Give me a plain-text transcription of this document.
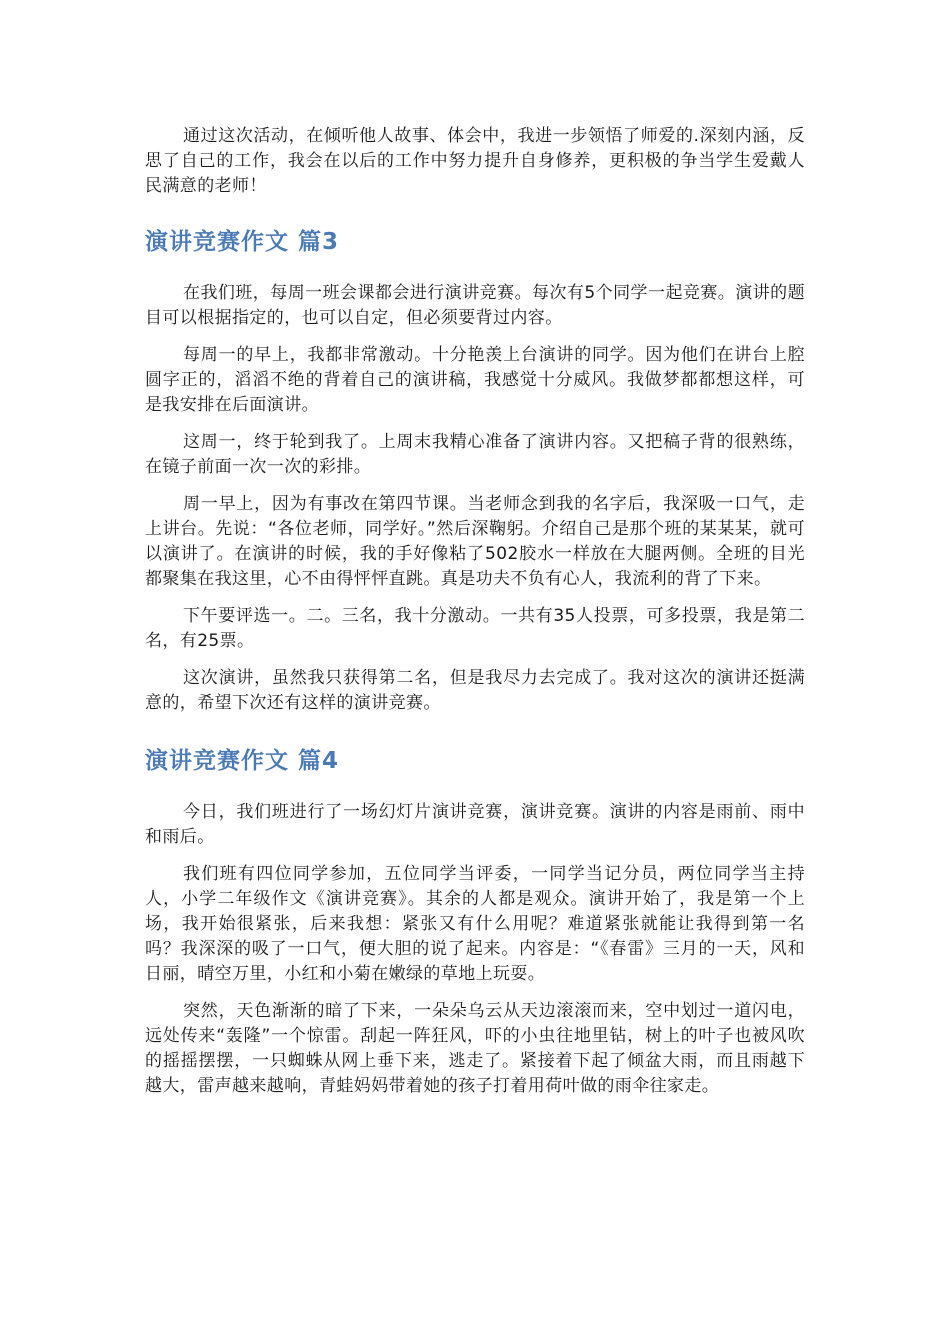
通过这次活动，在倾听他人故事、体会中，我进一步领悟了师爱的.深刻内涵，反思了自己的工作，我会在以后的工作中努力提升自身修养，更积极的争当学生爱戴人民满意的老师！

演讲竞赛作文 篇3

在我们班，每周一班会课都会进行演讲竞赛。每次有5个同学一起竞赛。演讲的题目可以根据指定的，也可以自定，但必须要背过内容。

每周一的早上，我都非常激动。十分艳羡上台演讲的同学。因为他们在讲台上腔圆字正的，滔滔不绝的背着自己的演讲稿，我感觉十分威风。我做梦都都想这样，可是我安排在后面演讲。

这周一，终于轮到我了。上周末我精心准备了演讲内容。又把稿子背的很熟练，在镜子前面一次一次的彩排。

周一早上，因为有事改在第四节课。当老师念到我的名字后，我深吸一口气，走上讲台。先说：“各位老师，同学好。”然后深鞠躬。介绍自己是那个班的某某某，就可以演讲了。在演讲的时候，我的手好像粘了502胶水一样放在大腿两侧。全班的目光都聚集在我这里，心不由得怦怦直跳。真是功夫不负有心人，我流利的背了下来。

下午要评选一。二。三名，我十分激动。一共有35人投票，可多投票，我是第二名，有25票。

这次演讲，虽然我只获得第二名，但是我尽力去完成了。我对这次的演讲还挺满意的，希望下次还有这样的演讲竞赛。

演讲竞赛作文 篇4

今日，我们班进行了一场幻灯片演讲竞赛，演讲竞赛。演讲的内容是雨前、雨中和雨后。

我们班有四位同学参加，五位同学当评委，一同学当记分员，两位同学当主持人，小学二年级作文《演讲竞赛》。其余的人都是观众。演讲开始了，我是第一个上场，我开始很紧张，后来我想：紧张又有什么用呢？难道紧张就能让我得到第一名吗？我深深的吸了一口气，便大胆的说了起来。内容是：“《春雷》三月的一天，风和日丽，晴空万里，小红和小菊在嫩绿的草地上玩耍。

突然，天色渐渐的暗了下来，一朵朵乌云从天边滚滚而来，空中划过一道闪电，远处传来“轰隆”一个惊雷。刮起一阵狂风，吓的小虫往地里钻，树上的叶子也被风吹的摇摇摆摆，一只蜘蛛从网上垂下来，逃走了。紧接着下起了倾盆大雨，而且雨越下越大，雷声越来越响，青蛙妈妈带着她的孩子打着用荷叶做的雨伞往家走。
